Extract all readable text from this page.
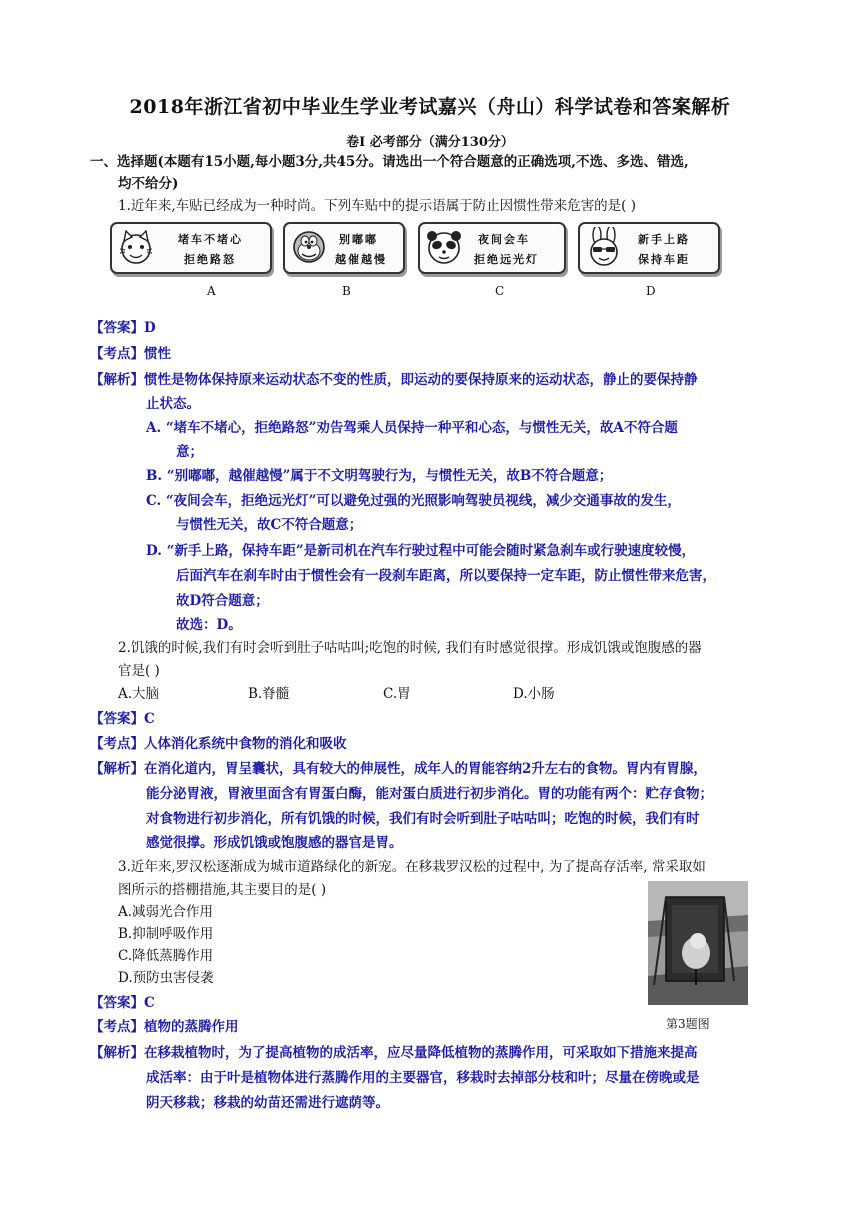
2018年浙江省初中毕业生学业考试嘉兴（舟山）科学试卷和答案解析
卷Ⅰ 必考部分（满分130分）
一、选择题(本题有15小题,每小题3分,共45分。请选出一个符合题意的正确选项,不选、多选、错选,
均不给分)
1.近年来,车贴已经成为一种时尚。下列车贴中的提示语属于防止因惯性带来危害的是( )
堵车不堵心
拒绝路怒
别嘟嘟
越催越慢
夜间会车
拒绝远光灯
新手上路
保持车距
A	B	C	D
【答案】D
【考点】惯性
【解析】惯性是物体保持原来运动状态不变的性质，即运动的要保持原来的运动状态，静止的要保持静
止状态。
A. “堵车不堵心，拒绝路怒”劝告驾乘人员保持一种平和心态，与惯性无关，故A不符合题
意；
B. “别嘟嘟，越催越慢”属于不文明驾驶行为，与惯性无关，故B不符合题意；
C. “夜间会车，拒绝远光灯”可以避免过强的光照影响驾驶员视线，减少交通事故的发生，
与惯性无关，故C不符合题意；
D. “新手上路，保持车距”是新司机在汽车行驶过程中可能会随时紧急刹车或行驶速度较慢，
后面汽车在刹车时由于惯性会有一段刹车距离，所以要保持一定车距，防止惯性带来危害，
故D符合题意；
故选：D。
2.饥饿的时候,我们有时会听到肚子咕咕叫;吃饱的时候, 我们有时感觉很撑。形成饥饿或饱腹感的器
官是( )
A.大脑	B.脊髓	C.胃	D.小肠
【答案】C
【考点】人体消化系统中食物的消化和吸收
【解析】在消化道内，胃呈囊状，具有较大的伸展性，成年人的胃能容纳2升左右的食物。胃内有胃腺，
能分泌胃液，胃液里面含有胃蛋白酶，能对蛋白质进行初步消化。胃的功能有两个：贮存食物；
对食物进行初步消化，所有饥饿的时候，我们有时会听到肚子咕咕叫；吃饱的时候，我们有时
感觉很撑。形成饥饿或饱腹感的器官是胃。
3.近年来,罗汉松逐渐成为城市道路绿化的新宠。在移栽罗汉松的过程中, 为了提高存活率, 常采取如
图所示的搭棚措施,其主要目的是( )
A.减弱光合作用
B.抑制呼吸作用
C.降低蒸腾作用
D.预防虫害侵袭
第3题图
【答案】C
【考点】植物的蒸腾作用
【解析】在移栽植物时，为了提高植物的成活率，应尽量降低植物的蒸腾作用，可采取如下措施来提高
成活率：由于叶是植物体进行蒸腾作用的主要器官，移栽时去掉部分枝和叶；尽量在傍晚或是
阴天移栽；移栽的幼苗还需进行遮荫等。
